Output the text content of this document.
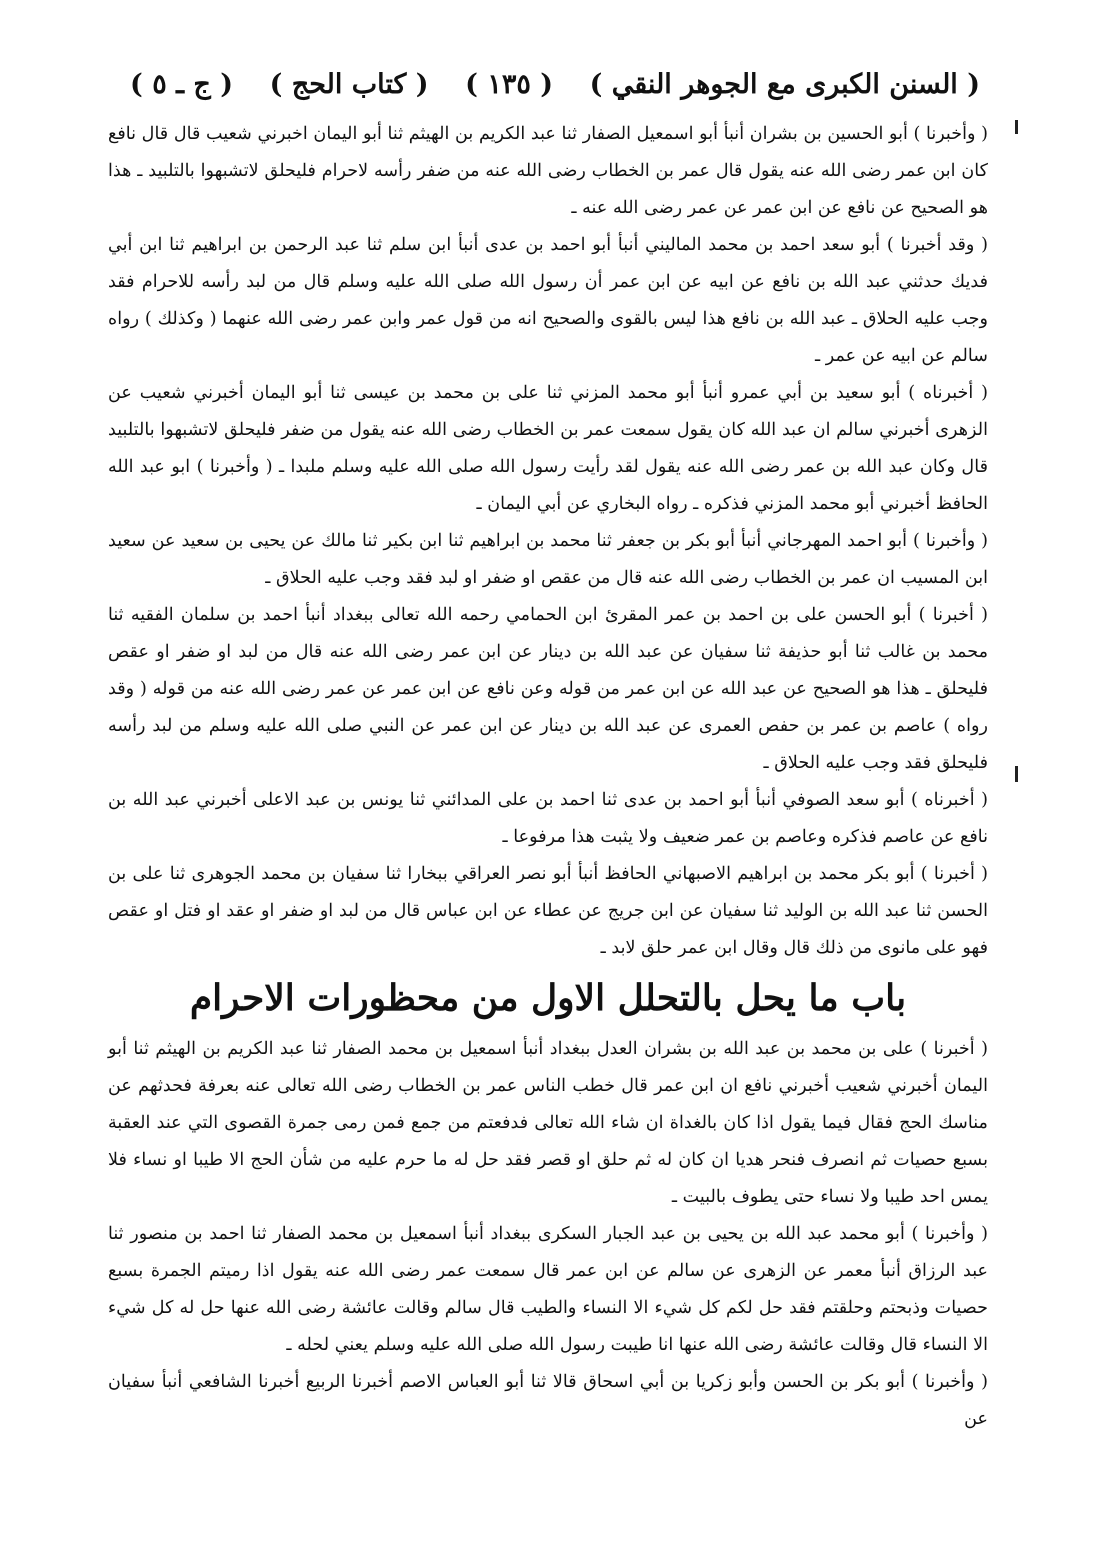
( السنن الكبرى مع الجوهر النقي )
( ١٣٥ )
( كتاب الحج )
( ج ـ ٥ )

( وأخبرنا ) أبو الحسين بن بشران أنبأ أبو اسمعيل الصفار ثنا عبد الكريم بن الهيثم ثنا أبو اليمان اخبرني شعيب قال قال نافع كان ابن عمر رضى الله عنه يقول قال عمر بن الخطاب رضى الله عنه من ضفر رأسه لاحرام فليحلق لاتشبهوا بالتلبيد ـ هذا هو الصحيح عن نافع عن ابن عمر عن عمر رضى الله عنه ـ

( وقد أخبرنا ) أبو سعد احمد بن محمد الماليني أنبأ أبو احمد بن عدى أنبأ ابن سلم ثنا عبد الرحمن بن ابراهيم ثنا ابن أبي فديك حدثني عبد الله بن نافع عن ابيه عن ابن عمر أن رسول الله صلى الله عليه وسلم قال من لبد رأسه للاحرام فقد وجب عليه الحلاق ـ عبد الله بن نافع هذا ليس بالقوى والصحيح انه من قول عمر وابن عمر رضى الله عنهما ( وكذلك ) رواه سالم عن ابيه عن عمر ـ

( أخبرناه ) أبو سعيد بن أبي عمرو أنبأ أبو محمد المزني ثنا على بن محمد بن عيسى ثنا أبو اليمان أخبرني شعيب عن الزهرى أخبرني سالم ان عبد الله كان يقول سمعت عمر بن الخطاب رضى الله عنه يقول من ضفر فليحلق لاتشبهوا بالتلبيد قال وكان عبد الله بن عمر رضى الله عنه يقول لقد رأيت رسول الله صلى الله عليه وسلم ملبدا ـ ( وأخبرنا ) ابو عبد الله الحافظ أخبرني أبو محمد المزني فذكره ـ رواه البخاري عن أبي اليمان ـ

( وأخبرنا ) أبو احمد المهرجاني أنبأ أبو بكر بن جعفر ثنا محمد بن ابراهيم ثنا ابن بكير ثنا مالك عن يحيى بن سعيد عن سعيد ابن المسيب ان عمر بن الخطاب رضى الله عنه قال من عقص او ضفر او لبد فقد وجب عليه الحلاق ـ

( أخبرنا ) أبو الحسن على بن احمد بن عمر المقرئ ابن الحمامي رحمه الله تعالى ببغداد أنبأ احمد بن سلمان الفقيه ثنا محمد بن غالب ثنا أبو حذيفة ثنا سفيان عن عبد الله بن دينار عن ابن عمر رضى الله عنه قال من لبد او ضفر او عقص فليحلق ـ هذا هو الصحيح عن عبد الله عن ابن عمر من قوله وعن نافع عن ابن عمر عن عمر رضى الله عنه من قوله ( وقد رواه ) عاصم بن عمر بن حفص العمرى عن عبد الله بن دينار عن ابن عمر عن النبي صلى الله عليه وسلم من لبد رأسه فليحلق فقد وجب عليه الحلاق ـ

( أخبرناه ) أبو سعد الصوفي أنبأ أبو احمد بن عدى ثنا احمد بن على المدائني ثنا يونس بن عبد الاعلى أخبرني عبد الله بن نافع عن عاصم فذكره وعاصم بن عمر ضعيف ولا يثبت هذا مرفوعا ـ

( أخبرنا ) أبو بكر محمد بن ابراهيم الاصبهاني الحافظ أنبأ أبو نصر العراقي ببخارا ثنا سفيان بن محمد الجوهرى ثنا على بن الحسن ثنا عبد الله بن الوليد ثنا سفيان عن ابن جريج عن عطاء عن ابن عباس قال من لبد او ضفر او عقد او فتل او عقص فهو على مانوى من ذلك قال وقال ابن عمر حلق لابد ـ

باب ما يحل بالتحلل الاول من محظورات الاحرام

( أخبرنا ) على بن محمد بن عبد الله بن بشران العدل ببغداد أنبأ اسمعيل بن محمد الصفار ثنا عبد الكريم بن الهيثم ثنا أبو اليمان أخبرني شعيب أخبرني نافع ان ابن عمر قال خطب الناس عمر بن الخطاب رضى الله تعالى عنه بعرفة فحدثهم عن مناسك الحج فقال فيما يقول اذا كان بالغداة ان شاء الله تعالى فدفعتم من جمع فمن رمى جمرة القصوى التي عند العقبة بسبع حصيات ثم انصرف فنحر هديا ان كان له ثم حلق او قصر فقد حل له ما حرم عليه من شأن الحج الا طيبا او نساء فلا يمس احد طيبا ولا نساء حتى يطوف بالبيت ـ

( وأخبرنا ) أبو محمد عبد الله بن يحيى بن عبد الجبار السكرى ببغداد أنبأ اسمعيل بن محمد الصفار ثنا احمد بن منصور ثنا عبد الرزاق أنبأ معمر عن الزهرى عن سالم عن ابن عمر قال سمعت عمر رضى الله عنه يقول اذا رميتم الجمرة بسبع حصيات وذبحتم وحلقتم فقد حل لكم كل شيء الا النساء والطيب قال سالم وقالت عائشة رضى الله عنها حل له كل شيء الا النساء قال وقالت عائشة رضى الله عنها انا طيبت رسول الله صلى الله عليه وسلم يعني لحله ـ

( وأخبرنا ) أبو بكر بن الحسن وأبو زكريا بن أبي اسحاق قالا ثنا أبو العباس الاصم أخبرنا الربيع أخبرنا الشافعي أنبأ سفيان عن
